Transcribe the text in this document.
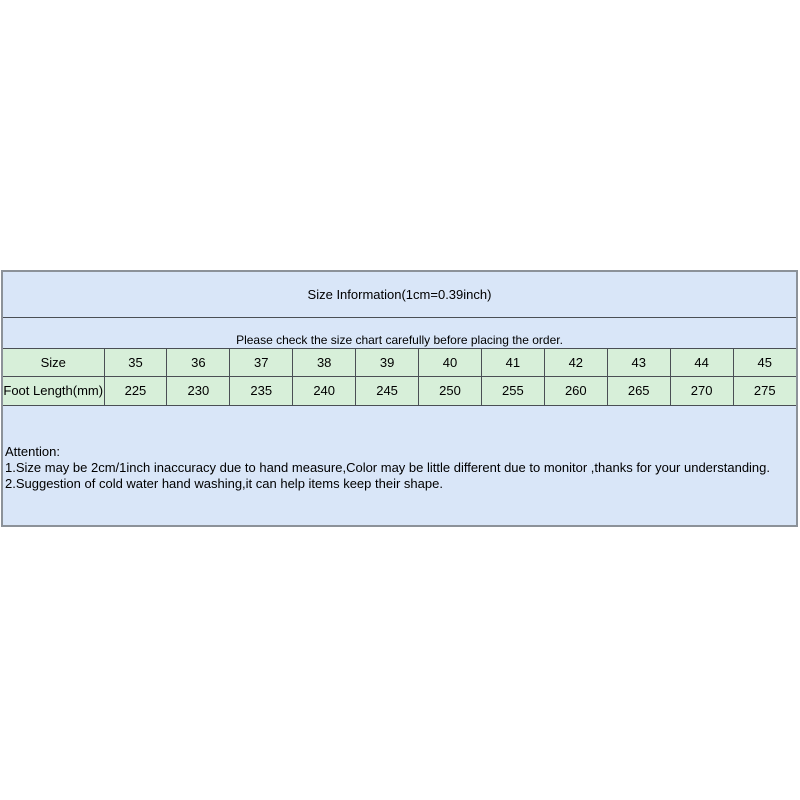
Size Information(1cm=0.39inch)
Please check the size chart carefully before placing the order.
Size	35	36	37	38	39	40	41	42	43	44	45
Foot Length(mm)	225	230	235	240	245	250	255	260	265	270	275
Attention:
1.Size may be 2cm/1inch inaccuracy due to hand measure,Color may be little different due to monitor ,thanks for your understanding.
2.Suggestion of cold water hand washing,it can help items keep their shape.
